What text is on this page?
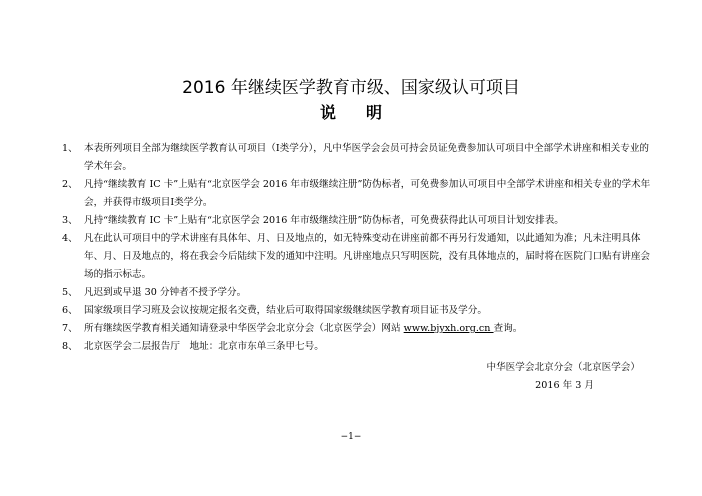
2016 年继续医学教育市级、国家级认可项目
说明
1、 本表所列项目全部为继续医学教育认可项目（Ⅰ类学分），凡中华医学会会员可持会员证免费参加认可项目中全部学术讲座和相关专业的学术年会。
2、 凡持“继续教育 IC 卡”上贴有“北京医学会 2016 年市级继续注册”防伪标者，可免费参加认可项目中全部学术讲座和相关专业的学术年会，并获得市级项目Ⅰ类学分。
3、 凡持“继续教育 IC 卡”上贴有“北京医学会 2016 年市级继续注册”防伪标者，可免费获得此认可项目计划安排表。
4、 凡在此认可项目中的学术讲座有具体年、月、日及地点的，如无特殊变动在讲座前都不再另行发通知，以此通知为准；凡未注明具体年、月、日及地点的，将在我会今后陆续下发的通知中注明。凡讲座地点只写明医院，没有具体地点的，届时将在医院门口贴有讲座会场的指示标志。
5、 凡迟到或早退 30 分钟者不授予学分。
6、 国家级项目学习班及会议按规定报名交费，结业后可取得国家级继续医学教育项目证书及学分。
7、 所有继续医学教育相关通知请登录中华医学会北京分会（北京医学会）网站 www.bjyxh.org.cn 查询。
8、 北京医学会二层报告厅　地址：北京市东单三条甲七号。
中华医学会北京分会（北京医学会）
2016 年 3 月
−1−
